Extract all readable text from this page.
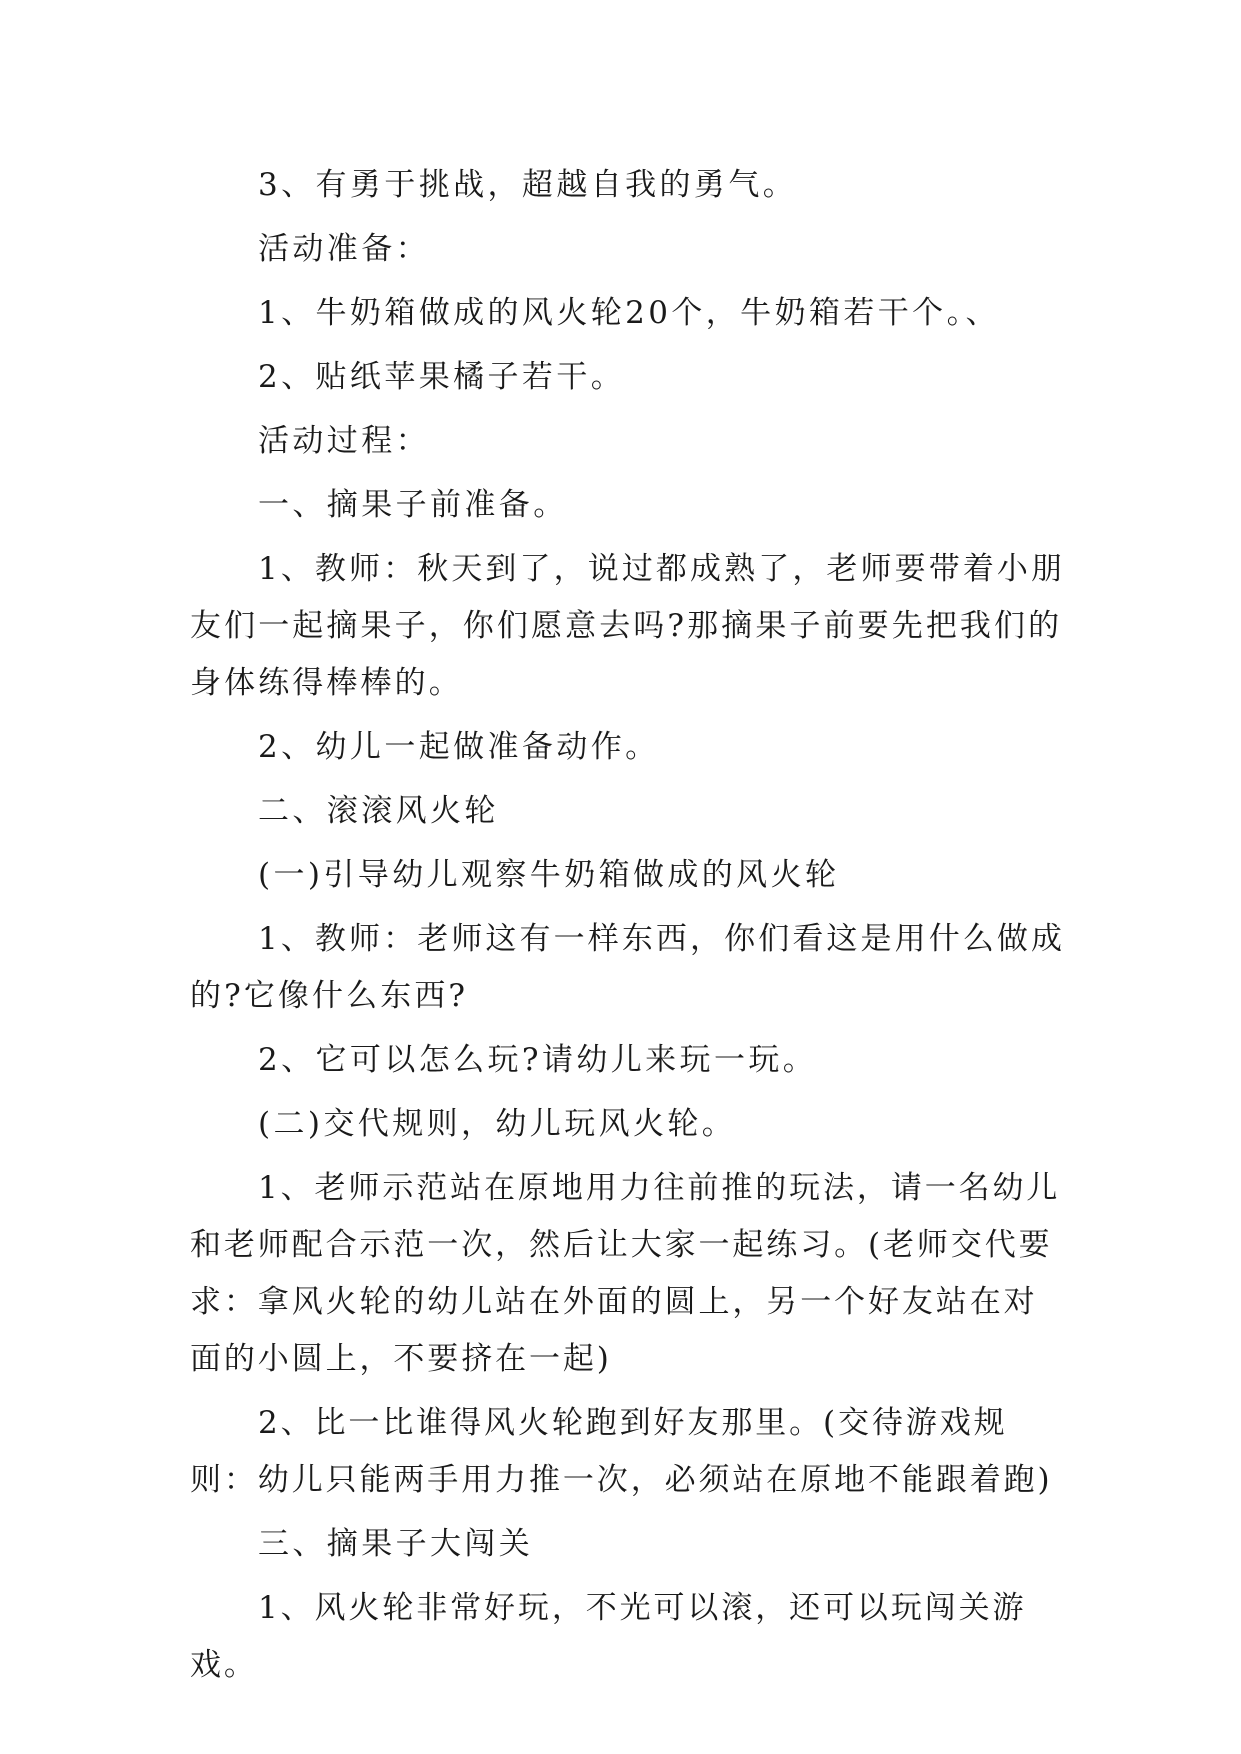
3、有勇于挑战，超越自我的勇气。

活动准备：

1、牛奶箱做成的风火轮20个，牛奶箱若干个。、

2、贴纸苹果橘子若干。

活动过程：

一、摘果子前准备。

1、教师：秋天到了，说过都成熟了，老师要带着小朋友们一起摘果子，你们愿意去吗?那摘果子前要先把我们的身体练得棒棒的。

2、幼儿一起做准备动作。

二、滚滚风火轮

(一)引导幼儿观察牛奶箱做成的风火轮

1、教师：老师这有一样东西，你们看这是用什么做成的?它像什么东西?

2、它可以怎么玩?请幼儿来玩一玩。

(二)交代规则，幼儿玩风火轮。

1、老师示范站在原地用力往前推的玩法，请一名幼儿和老师配合示范一次，然后让大家一起练习。(老师交代要求：拿风火轮的幼儿站在外面的圆上，另一个好友站在对面的小圆上，不要挤在一起)

2、比一比谁得风火轮跑到好友那里。(交待游戏规则：幼儿只能两手用力推一次，必须站在原地不能跟着跑)

三、摘果子大闯关

1、风火轮非常好玩，不光可以滚，还可以玩闯关游戏。
